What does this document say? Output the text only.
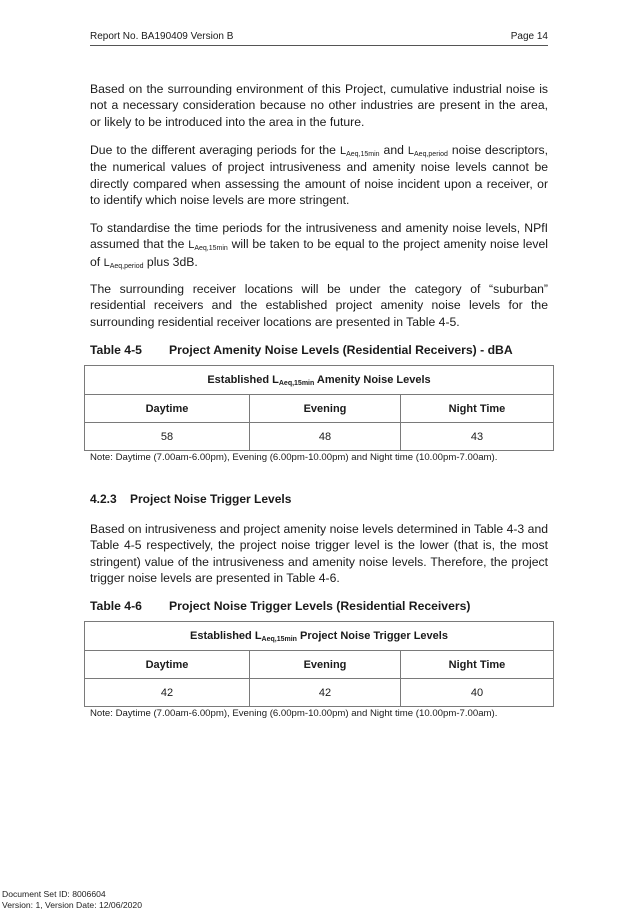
Report No. BA190409 Version B	Page 14

Based on the surrounding environment of this Project, cumulative industrial noise is not a necessary consideration because no other industries are present in the area, or likely to be introduced into the area in the future.

Due to the different averaging periods for the $L_{Aeq,15min}$ and $L_{Aeq,period}$ noise descriptors, the numerical values of project intrusiveness and amenity noise levels cannot be directly compared when assessing the amount of noise incident upon a receiver, or to identify which noise levels are more stringent.

To standardise the time periods for the intrusiveness and amenity noise levels, NPfI assumed that the $L_{Aeq,15min}$ will be taken to be equal to the project amenity noise level of $L_{Aeq,period}$ plus 3dB.

The surrounding receiver locations will be under the category of “suburban” residential receivers and the established project amenity noise levels for the surrounding residential receiver locations are presented in Table 4-5.

Table 4-5 Project Amenity Noise Levels (Residential Receivers) - dBA
Established $L_{Aeq,15min}$ Amenity Noise Levels		
Daytime	Evening	Night Time
58	48	43
Note: Daytime (7.00am-6.00pm), Evening (6.00pm-10.00pm) and Night time (10.00pm-7.00am).
4.2.3 Project Noise Trigger Levels

Based on intrusiveness and project amenity noise levels determined in Table 4-3 and Table 4-5 respectively, the project noise trigger level is the lower (that is, the most stringent) value of the intrusiveness and amenity noise levels. Therefore, the project trigger noise levels are presented in Table 4-6.

Table 4-6 Project Noise Trigger Levels (Residential Receivers)
Established $L_{Aeq,15min}$ Project Noise Trigger Levels		
Daytime	Evening	Night Time
42	42	40
Note: Daytime (7.00am-6.00pm), Evening (6.00pm-10.00pm) and Night time (10.00pm-7.00am).
Document Set ID: 8006604
Version: 1, Version Date: 12/06/2020
